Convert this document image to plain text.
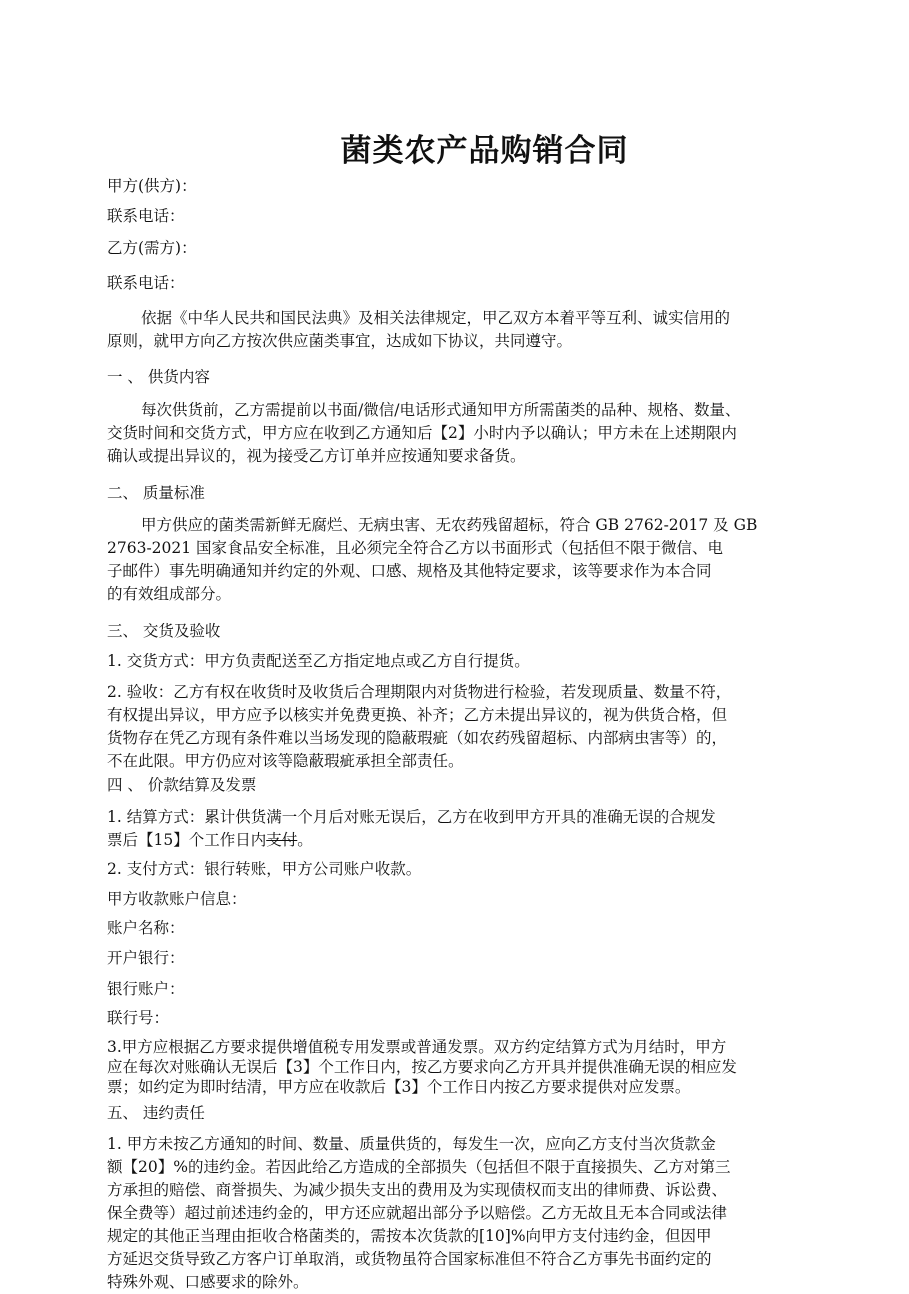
菌类农产品购销合同
甲方(供方)：
联系电话：
乙方(需方)：
联系电话：
依据《中华人民共和国民法典》及相关法律规定，甲乙双方本着平等互利、诚实信用的
原则，就甲方向乙方按次供应菌类事宜，达成如下协议，共同遵守。
一 、 供货内容
每次供货前，乙方需提前以书面/微信/电话形式通知甲方所需菌类的品种、规格、数量、
交货时间和交货方式，甲方应在收到乙方通知后【2】小时内予以确认；甲方未在上述期限内
确认或提出异议的，视为接受乙方订单并应按通知要求备货。
二、 质量标准
甲方供应的菌类需新鲜无腐烂、无病虫害、无农药残留超标，符合 GB 2762-2017 及 GB
2763-2021 国家食品安全标准，且必须完全符合乙方以书面形式（包括但不限于微信、电
子邮件）事先明确通知并约定的外观、口感、规格及其他特定要求，该等要求作为本合同
的有效组成部分。
三、 交货及验收
1. 交货方式：甲方负责配送至乙方指定地点或乙方自行提货。
2. 验收：乙方有权在收货时及收货后合理期限内对货物进行检验，若发现质量、数量不符，
有权提出异议，甲方应予以核实并免费更换、补齐；乙方未提出异议的，视为供货合格，但
货物存在凭乙方现有条件难以当场发现的隐蔽瑕疵（如农药残留超标、内部病虫害等）的，
不在此限。甲方仍应对该等隐蔽瑕疵承担全部责任。
四 、 价款结算及发票
1. 结算方式：累计供货满一个月后对账无误后，乙方在收到甲方开具的准确无误的合规发
票后【15】个工作日内支付。
2. 支付方式：银行转账，甲方公司账户收款。
甲方收款账户信息：
账户名称：
开户银行：
银行账户：
联行号：
3.甲方应根据乙方要求提供增值税专用发票或普通发票。双方约定结算方式为月结时，甲方
应在每次对账确认无误后【3】个工作日内，按乙方要求向乙方开具并提供准确无误的相应发
票；如约定为即时结清，甲方应在收款后【3】个工作日内按乙方要求提供对应发票。
五、 违约责任
1. 甲方未按乙方通知的时间、数量、质量供货的，每发生一次，应向乙方支付当次货款金
额【20】%的违约金。若因此给乙方造成的全部损失（包括但不限于直接损失、乙方对第三
方承担的赔偿、商誉损失、为减少损失支出的费用及为实现债权而支出的律师费、诉讼费、
保全费等）超过前述违约金的，甲方还应就超出部分予以赔偿。乙方无故且无本合同或法律
规定的其他正当理由拒收合格菌类的，需按本次货款的[10]%向甲方支付违约金，但因甲
方延迟交货导致乙方客户订单取消，或货物虽符合国家标准但不符合乙方事先书面约定的
特殊外观、口感要求的除外。
